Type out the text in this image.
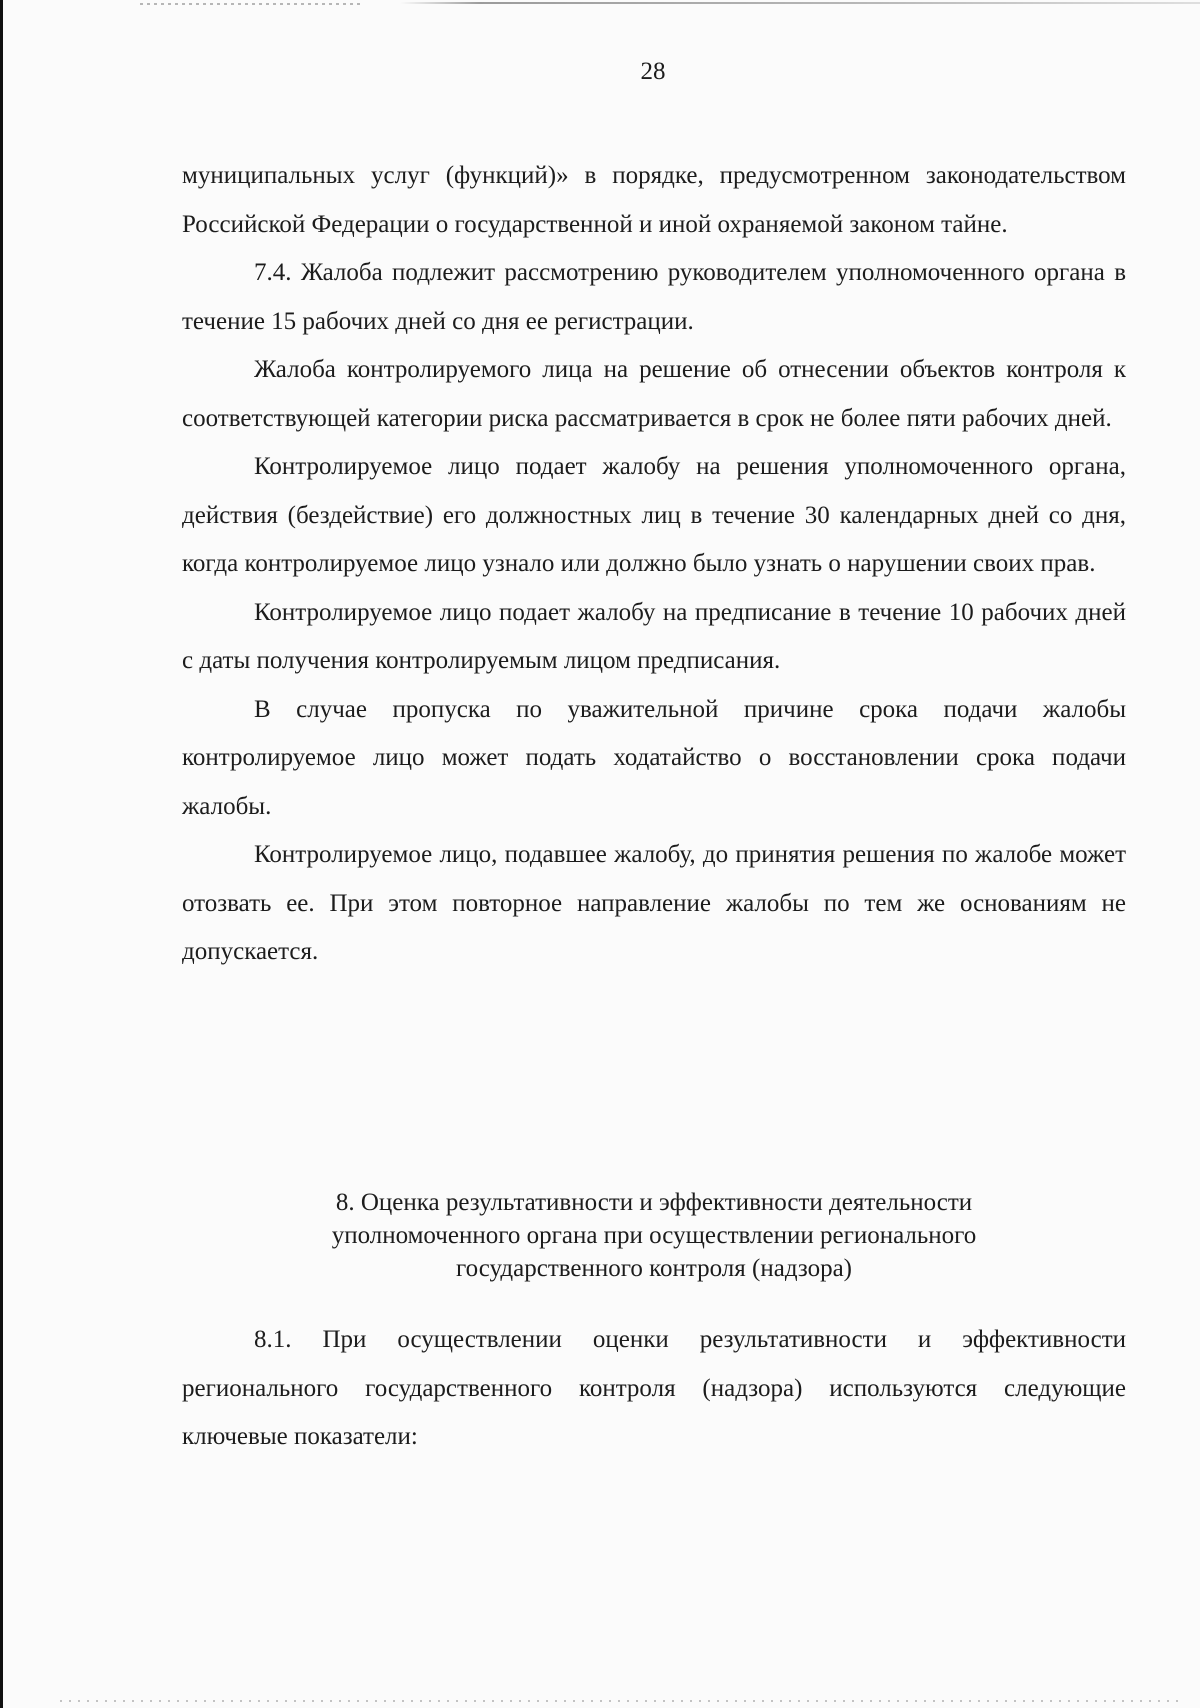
28

муниципальных услуг (функций)» в порядке, предусмотренном законодательством Российской Федерации о государственной и иной охраняемой законом тайне.

7.4. Жалоба подлежит рассмотрению руководителем уполномоченного органа в течение 15 рабочих дней со дня ее регистрации.

Жалоба контролируемого лица на решение об отнесении объектов контроля к соответствующей категории риска рассматривается в срок не более пяти рабочих дней.

Контролируемое лицо подает жалобу на решения уполномоченного органа, действия (бездействие) его должностных лиц в течение 30 календарных дней со дня, когда контролируемое лицо узнало или должно было узнать о нарушении своих прав.

Контролируемое лицо подает жалобу на предписание в течение 10 рабочих дней с даты получения контролируемым лицом предписания.

В случае пропуска по уважительной причине срока подачи жалобы контролируемое лицо может подать ходатайство о восстановлении срока подачи жалобы.

Контролируемое лицо, подавшее жалобу, до принятия решения по жалобе может отозвать ее. При этом повторное направление жалобы по тем же основаниям не допускается.

8. Оценка результативности и эффективности деятельности
уполномоченного органа при осуществлении регионального
государственного контроля (надзора)

8.1. При осуществлении оценки результативности и эффективности регионального государственного контроля (надзора) используются следующие ключевые показатели:
